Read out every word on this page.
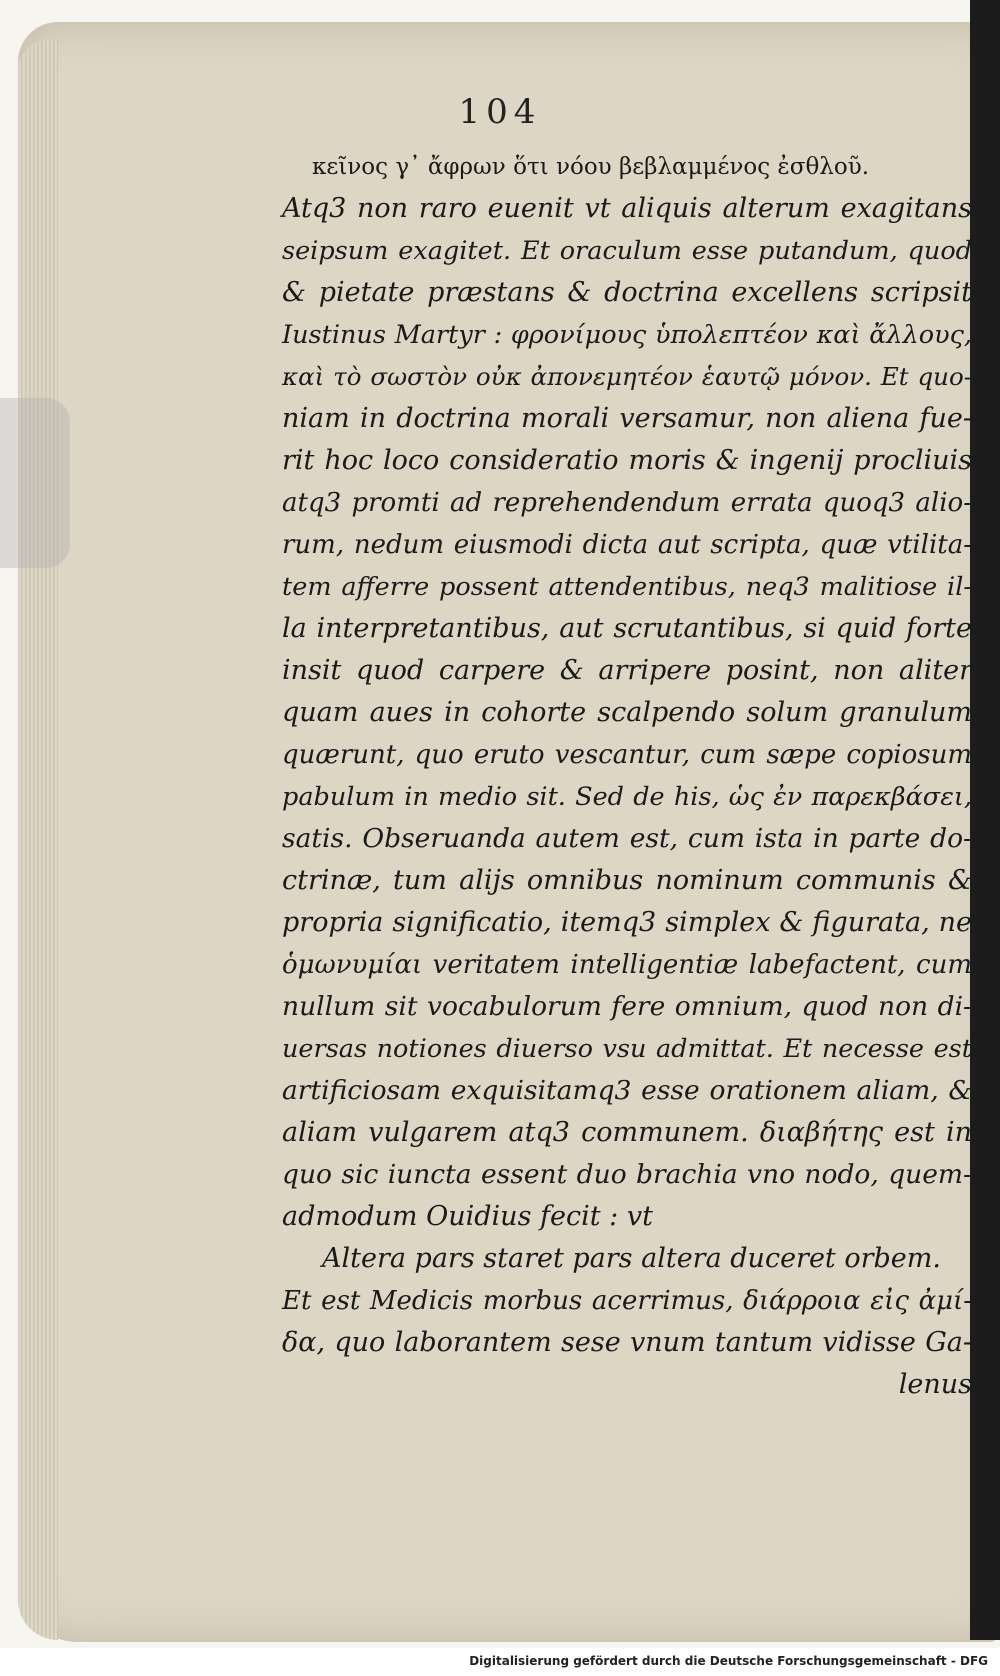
104
κεῖνος γ᾽ ἄφρων ὅτι νόου βεβλαμμένος ἐσθλοῦ.
Atq3 non raro euenit vt aliquis alterum exagitans
seipsum exagitet. Et oraculum esse putandum, quod
& pietate præstans & doctrina excellens scripsit
Iustinus Martyr : φρονίμους ὑπολεπτέον καὶ ἄλλους,
καὶ τὸ σωστὸν οὐκ ἀπονεμητέον ἑαυτῷ μόνον. Et quo-
niam in doctrina morali versamur, non aliena fue-
rit hoc loco consideratio moris & ingenij procliuis
atq3 promti ad reprehendendum errata quoq3 alio-
rum, nedum eiusmodi dicta aut scripta, quæ vtilita-
tem afferre possent attendentibus, neq3 malitiose il-
la interpretantibus, aut scrutantibus, si quid forte
insit quod carpere & arripere posint, non aliter
quam aues in cohorte scalpendo solum granulum
quærunt, quo eruto vescantur, cum sæpe copiosum
pabulum in medio sit. Sed de his, ὡς ἐν παρεκβάσει,
satis. Obseruanda autem est, cum ista in parte do-
ctrinæ, tum alijs omnibus nominum communis &
propria significatio, itemq3 simplex & figurata, ne
ὁμωνυμίαι veritatem intelligentiæ labefactent, cum
nullum sit vocabulorum fere omnium, quod non di-
uersas notiones diuerso vsu admittat. Et necesse est
artificiosam exquisitamq3 esse orationem aliam, &
aliam vulgarem atq3 communem. διαβήτης est in
quo sic iuncta essent duo brachia vno nodo, quem-
admodum Ouidius fecit : vt
Altera pars staret pars altera duceret orbem.
Et est Medicis morbus acerrimus, διάρροια εἰς ἀμί-
δα, quo laborantem sese vnum tantum vidisse Ga-
lenus
Digitalisierung gefördert durch die Deutsche Forschungsgemeinschaft - DFG
